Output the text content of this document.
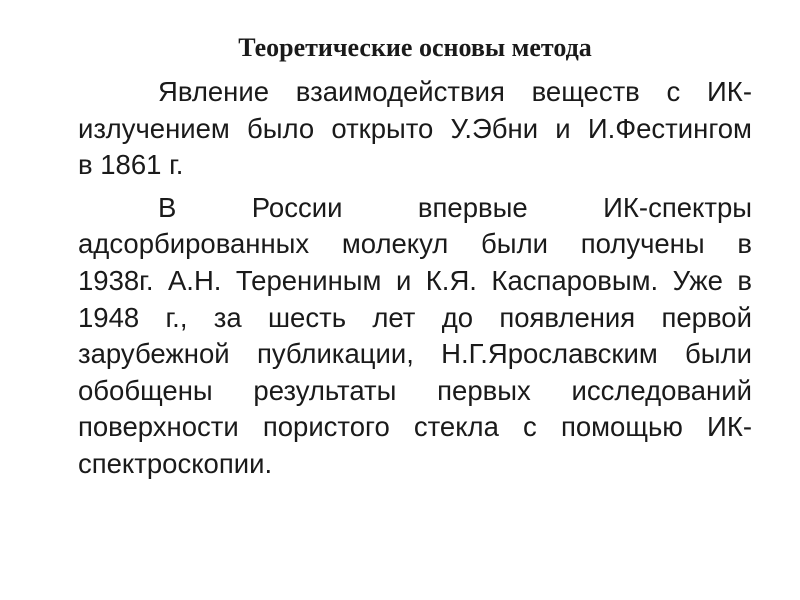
Теоретические основы метода
Явление взаимодействия веществ с ИК-
излучением было открыто У.Эбни и И.Фестингом
в 1861 г.
В	России	впервые	ИК-спектры
адсорбированных молекул были получены в
1938г. А.Н. Терениным и К.Я. Каспаровым. Уже в
1948 г., за шесть лет до появления первой
зарубежной публикации, Н.Г.Ярославским были
обобщены результаты первых исследований
поверхности пористого стекла с помощью ИК-
спектроскопии.
